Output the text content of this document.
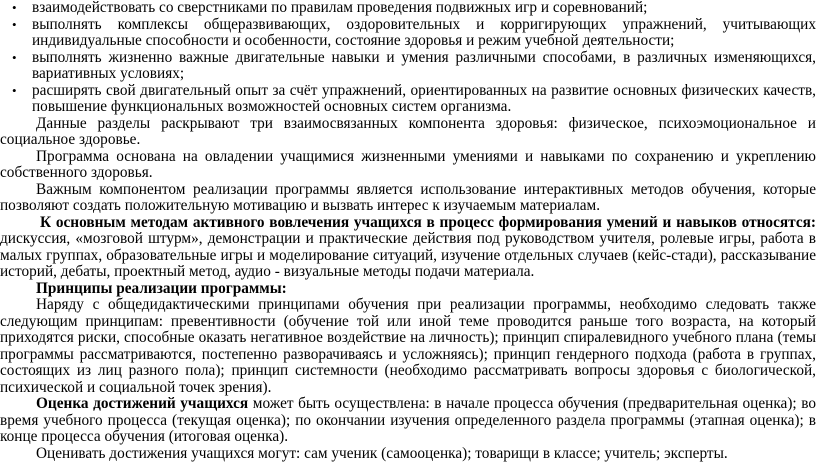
• взаимодействовать со сверстниками по правилам проведения подвижных игр и соревнований;
• выполнять комплексы общеразвивающих, оздоровительных и корригирующих упражнений, учитывающих индивидуальные способности и особенности, состояние здоровья и режим учебной деятельности;
• выполнять жизненно важные двигательные навыки и умения различными способами, в различных изменяющихся, вариативных условиях;
• расширять свой двигательный опыт за счёт упражнений, ориентированных на развитие основных физических качеств, повышение функциональных возможностей основных систем организма.

Данные разделы раскрывают три взаимосвязанных компонента здоровья: физическое, психоэмоциональное и социальное здоровье.

Программа основана на овладении учащимися жизненными умениями и навыками по сохранению и укреплению собственного здоровья.

Важным компонентом реализации программы является использование интерактивных методов обучения, которые позволяют создать положительную мотивацию и вызвать интерес к изучаемым материалам.

К основным методам активного вовлечения учащихся в процесс формирования умений и навыков относятся: дискуссия, «мозговой штурм», демонстрации и практические действия под руководством учителя, ролевые игры, работа в малых группах, образовательные игры и моделирование ситуаций, изучение отдельных случаев (кейс-стади), рассказывание историй, дебаты, проектный метод, аудио - визуальные методы подачи материала.

Принципы реализации программы:

Наряду с общедидактическими принципами обучения при реализации программы, необходимо следовать также следующим принципам: превентивности (обучение той или иной теме проводится раньше того возраста, на который приходятся риски, способные оказать негативное воздействие на личность); принцип спиралевидного учебного плана (темы программы рассматриваются, постепенно разворачиваясь и усложняясь); принцип гендерного подхода (работа в группах, состоящих из лиц разного пола); принцип системности (необходимо рассматривать вопросы здоровья с биологической, психической и социальной точек зрения).

Оценка достижений учащихся может быть осуществлена: в начале процесса обучения (предварительная оценка); во время учебного процесса (текущая оценка); по окончании изучения определенного раздела программы (этапная оценка); в конце процесса обучения (итоговая оценка).

Оценивать достижения учащихся могут: сам ученик (самооценка); товарищи в классе; учитель; эксперты.
